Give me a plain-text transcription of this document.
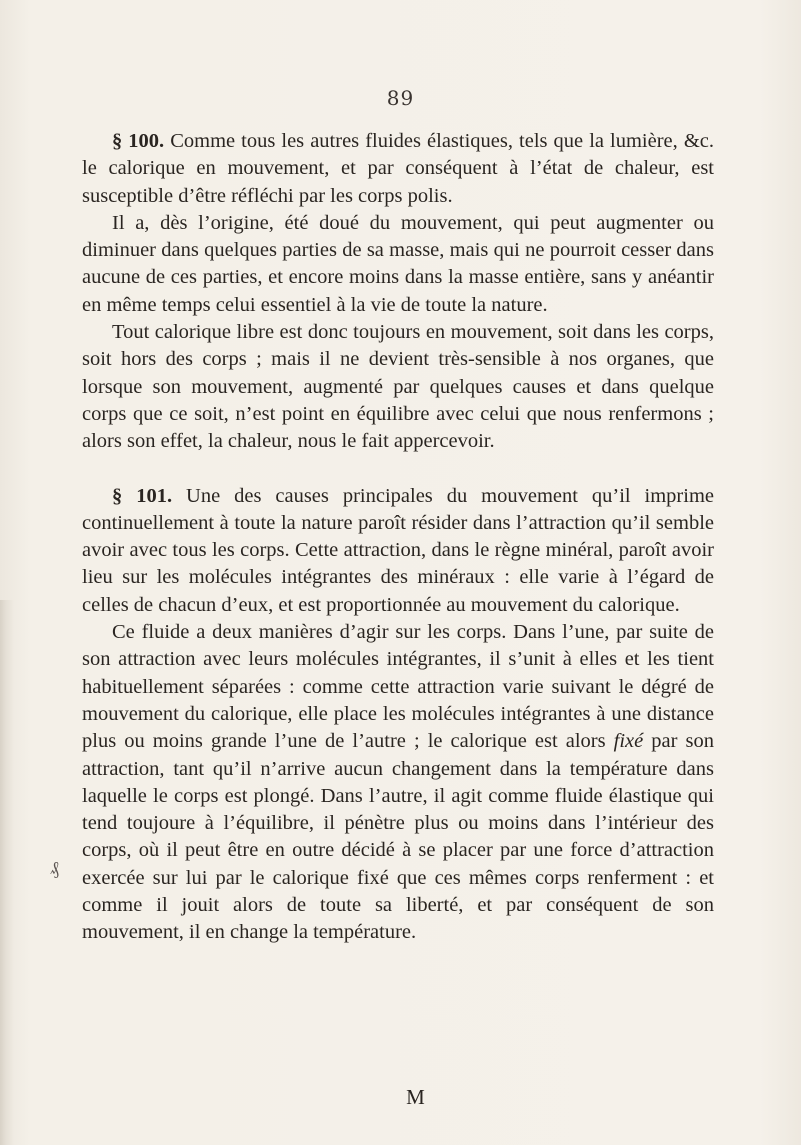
89

§ 100. Comme tous les autres fluides élastiques, tels que la lumière, &c. le calorique en mouvement, et par conséquent à l’état de chaleur, est susceptible d’être réfléchi par les corps polis.

Il a, dès l’origine, été doué du mouvement, qui peut augmenter ou diminuer dans quelques parties de sa masse, mais qui ne pourroit cesser dans aucune de ces parties, et encore moins dans la masse entière, sans y anéantir en même temps celui essentiel à la vie de toute la nature.

Tout calorique libre est donc toujours en mouvement, soit dans les corps, soit hors des corps ; mais il ne devient très-sensible à nos organes, que lorsque son mouvement, augmenté par quelques causes et dans quelque corps que ce soit, n’est point en équilibre avec celui que nous renfermons ; alors son effet, la chaleur, nous le fait appercevoir.

§ 101. Une des causes principales du mouvement qu’il imprime continuellement à toute la nature paroît résider dans l’attraction qu’il semble avoir avec tous les corps. Cette attraction, dans le règne minéral, paroît avoir lieu sur les molécules intégrantes des minéraux : elle varie à l’égard de celles de chacun d’eux, et est proportionnée au mouvement du calorique.

Ce fluide a deux manières d’agir sur les corps. Dans l’une, par suite de son attraction avec leurs molécules intégrantes, il s’unit à elles et les tient habituellement séparées : comme cette attraction varie suivant le dégré de mouvement du calorique, elle place les molécules intégrantes à une distance plus ou moins grande l’une de l’autre ; le calorique est alors fixé par son attraction, tant qu’il n’arrive aucun changement dans la température dans laquelle le corps est plongé. Dans l’autre, il agit comme fluide élastique qui tend toujoure à l’équilibre, il pénètre plus ou moins dans l’intérieur des corps, où il peut être en outre décidé à se placer par une force d’attraction exercée sur lui par le calorique fixé que ces mêmes corps renferment : et comme il jouit alors de toute sa liberté, et par conséquent de son mouvement, il en change la température.

₰
M
